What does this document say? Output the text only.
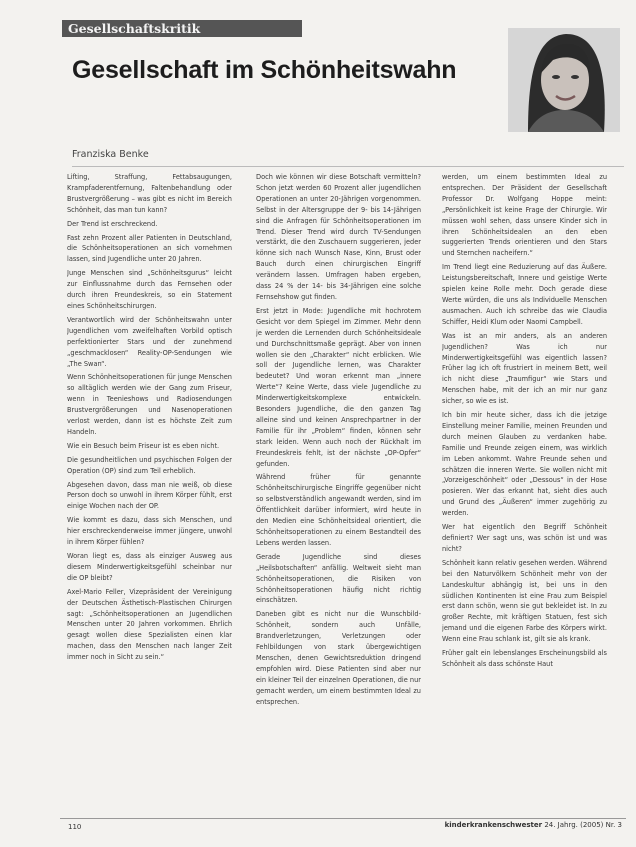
Gesellschaftskritik
Gesellschaft im Schönheitswahn
Franziska Benke

Lifting, Straffung, Fettabsaugungen, Krampfaderentfernung, Faltenbehandlung oder Brustvergrößerung – was gibt es nicht im Bereich Schönheit, das man tun kann?

Der Trend ist erschreckend.

Fast zehn Prozent aller Patienten in Deutschland, die Schönheitsoperationen an sich vornehmen lassen, sind Jugendliche unter 20 Jahren.

Junge Menschen sind „Schönheitsgurus“ leicht zur Einflussnahme durch das Fernsehen oder durch ihren Freundeskreis, so ein Statement eines Schönheitschirurgen.

Verantwortlich wird der Schönheitswahn unter Jugendlichen vom zweifelhaften Vorbild optisch perfektionierter Stars und der zunehmend „geschmacklosen“ Reality-OP-Sendungen wie „The Swan“.

Wenn Schönheitsoperationen für junge Menschen so alltäglich werden wie der Gang zum Friseur, wenn in Teenieshows und Radiosendungen Brustvergrößerungen und Nasenoperationen verlost werden, dann ist es höchste Zeit zum Handeln.

Wie ein Besuch beim Friseur ist es eben nicht.

Die gesundheitlichen und psychischen Folgen der Operation (OP) sind zum Teil erheblich.

Abgesehen davon, dass man nie weiß, ob diese Person doch so unwohl in ihrem Körper fühlt, erst einige Wochen nach der OP.

Wie kommt es dazu, dass sich Menschen, und hier erschreckenderweise immer jüngere, unwohl in ihrem Körper fühlen?

Woran liegt es, dass als einziger Ausweg aus diesem Minderwertigkeitsgefühl scheinbar nur die OP bleibt?

Axel-Mario Feller, Vizepräsident der Vereinigung der Deutschen Ästhetisch-Plastischen Chirurgen sagt: „Schönheitsoperationen an Jugendlichen Menschen unter 20 Jahren vorkommen. Ehrlich gesagt wollen diese Spezialisten einen klar machen, dass den Menschen nach langer Zeit immer noch in Sicht zu sein.“

Doch wie können wir diese Botschaft vermitteln? Schon jetzt werden 60 Prozent aller jugendlichen Operationen an unter 20-Jährigen vorgenommen. Selbst in der Altersgruppe der 9- bis 14-Jährigen sind die Anfragen für Schönheitsoperationen im Trend. Dieser Trend wird durch TV-Sendungen verstärkt, die den Zuschauern suggerieren, jeder könne sich nach Wunsch Nase, Kinn, Brust oder Bauch durch einen chirurgischen Eingriff verändern lassen. Umfragen haben ergeben, dass 24 % der 14- bis 34-Jährigen eine solche Fernsehshow gut finden.

Erst jetzt in Mode: Jugendliche mit hochrotem Gesicht vor dem Spiegel im Zimmer. Mehr denn je werden die Lernenden durch Schönheitsideale und Durchschnittsmaße geprägt. Aber von innen wollen sie den „Charakter“ nicht erblicken. Wie soll der Jugendliche lernen, was Charakter bedeutet? Und woran erkennt man „innere Werte“? Keine Werte, dass viele Jugendliche zu Minderwertigkeitskomplexe entwickeln. Besonders Jugendliche, die den ganzen Tag alleine sind und keinen Ansprechpartner in der Familie für ihr „Problem“ finden, können sehr stark leiden. Wenn auch noch der Rückhalt im Freundeskreis fehlt, ist der nächste „OP-Opfer“ gefunden.

Während früher für genannte Schönheitschirurgische Eingriffe gegenüber nicht so selbstverständlich angewandt werden, sind im Öffentlichkeit darüber informiert, wird heute in den Medien eine Schönheitsideal orientiert, die Schönheitsoperationen zu einem Bestandteil des Lebens werden lassen.

Gerade Jugendliche sind dieses „Heilsbotschaften“ anfällig. Weltweit sieht man Schönheitsoperationen, die Risiken von Schönheitsoperationen häufig nicht richtig einschätzen.

Daneben gibt es nicht nur die Wunschbild-Schönheit, sondern auch Unfälle, Brandverletzungen, Verletzungen oder Fehlbildungen von stark übergewichtigen Menschen, denen Gewichtsreduktion dringend empfohlen wird. Diese Patienten sind aber nur ein kleiner Teil der einzelnen Operationen, die nur gemacht werden, um einem bestimmten Ideal zu entsprechen.

werden, um einem bestimmten Ideal zu entsprechen. Der Präsident der Gesellschaft Professor Dr. Wolfgang Hoppe meint: „Persönlichkeit ist keine Frage der Chirurgie. Wir müssen wohl sehen, dass unsere Kinder sich in ihren Schönheitsidealen an den eben suggerierten Trends orientieren und den Stars und Sternchen nacheifern.“

Im Trend liegt eine Reduzierung auf das Äußere. Leistungsbereitschaft, Innere und geistige Werte spielen keine Rolle mehr. Doch gerade diese Werte würden, die uns als Individuelle Menschen ausmachen. Auch ich schreibe das wie Claudia Schiffer, Heidi Klum oder Naomi Campbell.

Was ist an mir anders, als an anderen Jugendlichen? Was ich nur Minderwertigkeitsgefühl was eigentlich lassen? Früher lag ich oft frustriert in meinem Bett, weil ich nicht diese „Traumfigur“ wie Stars und Menschen habe, mit der ich an mir nur ganz sicher, so wie es ist.

Ich bin mir heute sicher, dass ich die jetzige Einstellung meiner Familie, meinen Freunden und durch meinen Glauben zu verdanken habe. Familie und Freunde zeigen einem, was wirklich im Leben ankommt. Wahre Freunde sehen und schätzen die inneren Werte. Sie wollen nicht mit „Vorzeigeschönheit“ oder „Dessous“ in der Hose posieren. Wer das erkannt hat, sieht dies auch und Grund des „Äußeren“ immer zugehörig zu werden.

Wer hat eigentlich den Begriff Schönheit definiert? Wer sagt uns, was schön ist und was nicht?

Schönheit kann relativ gesehen werden. Während bei den Naturvölkern Schönheit mehr von der Landeskultur abhängig ist, bei uns in den südlichen Kontinenten ist eine Frau zum Beispiel erst dann schön, wenn sie gut bekleidet ist. In zu großer Rechte, mit kräftigen Statuen, fest sich jemand und die eigenen Farbe des Körpers wirkt. Wenn eine Frau schlank ist, gilt sie als krank.

Früher galt ein lebenslanges Erscheinungsbild als Schönheit als dass schönste Haut

110	kinderkrankenschwester 24. Jahrg. (2005) Nr. 3
